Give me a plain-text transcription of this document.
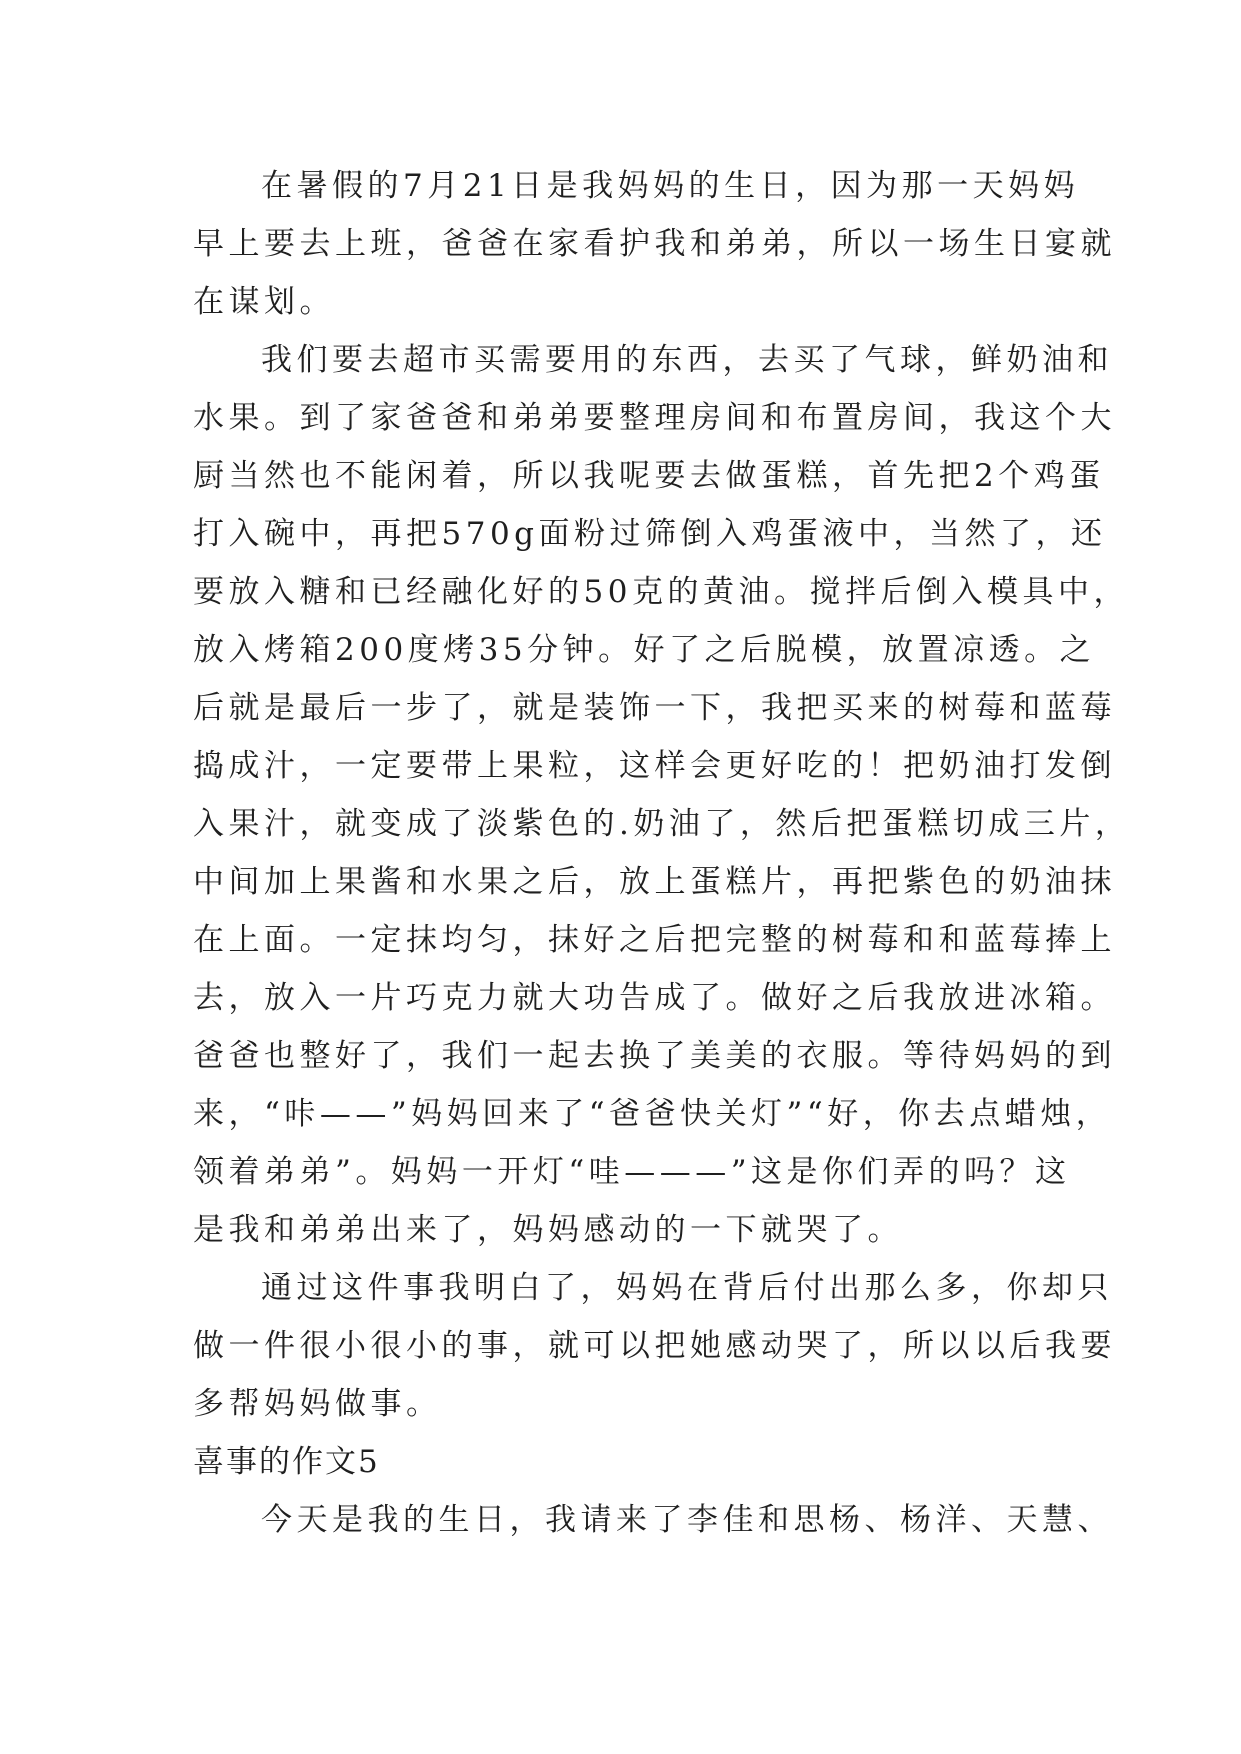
在暑假的7月21日是我妈妈的生日，因为那一天妈妈
早上要去上班，爸爸在家看护我和弟弟，所以一场生日宴就
在谋划。
我们要去超市买需要用的东西，去买了气球，鲜奶油和
水果。到了家爸爸和弟弟要整理房间和布置房间，我这个大
厨当然也不能闲着，所以我呢要去做蛋糕，首先把2个鸡蛋
打入碗中，再把570g面粉过筛倒入鸡蛋液中，当然了，还
要放入糖和已经融化好的50克的黄油。搅拌后倒入模具中，
放入烤箱200度烤35分钟。好了之后脱模，放置凉透。之
后就是最后一步了，就是装饰一下，我把买来的树莓和蓝莓
捣成汁，一定要带上果粒，这样会更好吃的！把奶油打发倒
入果汁，就变成了淡紫色的.奶油了，然后把蛋糕切成三片，
中间加上果酱和水果之后，放上蛋糕片，再把紫色的奶油抹
在上面。一定抹均匀，抹好之后把完整的树莓和和蓝莓捧上
去，放入一片巧克力就大功告成了。做好之后我放进冰箱。
爸爸也整好了，我们一起去换了美美的衣服。等待妈妈的到
来，“咔——”妈妈回来了“爸爸快关灯”“好，你去点蜡烛，
领着弟弟”。妈妈一开灯“哇———”这是你们弄的吗？这
是我和弟弟出来了，妈妈感动的一下就哭了。
通过这件事我明白了，妈妈在背后付出那么多，你却只
做一件很小很小的事，就可以把她感动哭了，所以以后我要
多帮妈妈做事。
喜事的作文5
今天是我的生日，我请来了李佳和思杨、杨洋、天慧、
